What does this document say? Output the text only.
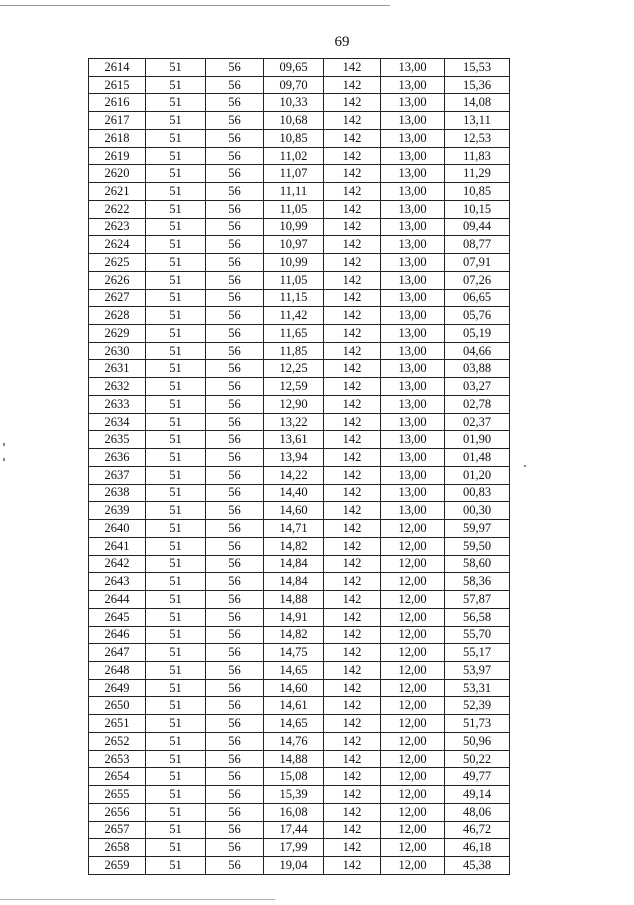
69
2614	51	56	09,65	142	13,00	15,53
2615	51	56	09,70	142	13,00	15,36
2616	51	56	10,33	142	13,00	14,08
2617	51	56	10,68	142	13,00	13,11
2618	51	56	10,85	142	13,00	12,53
2619	51	56	11,02	142	13,00	11,83
2620	51	56	11,07	142	13,00	11,29
2621	51	56	11,11	142	13,00	10,85
2622	51	56	11,05	142	13,00	10,15
2623	51	56	10,99	142	13,00	09,44
2624	51	56	10,97	142	13,00	08,77
2625	51	56	10,99	142	13,00	07,91
2626	51	56	11,05	142	13,00	07,26
2627	51	56	11,15	142	13,00	06,65
2628	51	56	11,42	142	13,00	05,76
2629	51	56	11,65	142	13,00	05,19
2630	51	56	11,85	142	13,00	04,66
2631	51	56	12,25	142	13,00	03,88
2632	51	56	12,59	142	13,00	03,27
2633	51	56	12,90	142	13,00	02,78
2634	51	56	13,22	142	13,00	02,37
2635	51	56	13,61	142	13,00	01,90
2636	51	56	13,94	142	13,00	01,48
2637	51	56	14,22	142	13,00	01,20
2638	51	56	14,40	142	13,00	00,83
2639	51	56	14,60	142	13,00	00,30
2640	51	56	14,71	142	12,00	59,97
2641	51	56	14,82	142	12,00	59,50
2642	51	56	14,84	142	12,00	58,60
2643	51	56	14,84	142	12,00	58,36
2644	51	56	14,88	142	12,00	57,87
2645	51	56	14,91	142	12,00	56,58
2646	51	56	14,82	142	12,00	55,70
2647	51	56	14,75	142	12,00	55,17
2648	51	56	14,65	142	12,00	53,97
2649	51	56	14,60	142	12,00	53,31
2650	51	56	14,61	142	12,00	52,39
2651	51	56	14,65	142	12,00	51,73
2652	51	56	14,76	142	12,00	50,96
2653	51	56	14,88	142	12,00	50,22
2654	51	56	15,08	142	12,00	49,77
2655	51	56	15,39	142	12,00	49,14
2656	51	56	16,08	142	12,00	48,06
2657	51	56	17,44	142	12,00	46,72
2658	51	56	17,99	142	12,00	46,18
2659	51	56	19,04	142	12,00	45,38
